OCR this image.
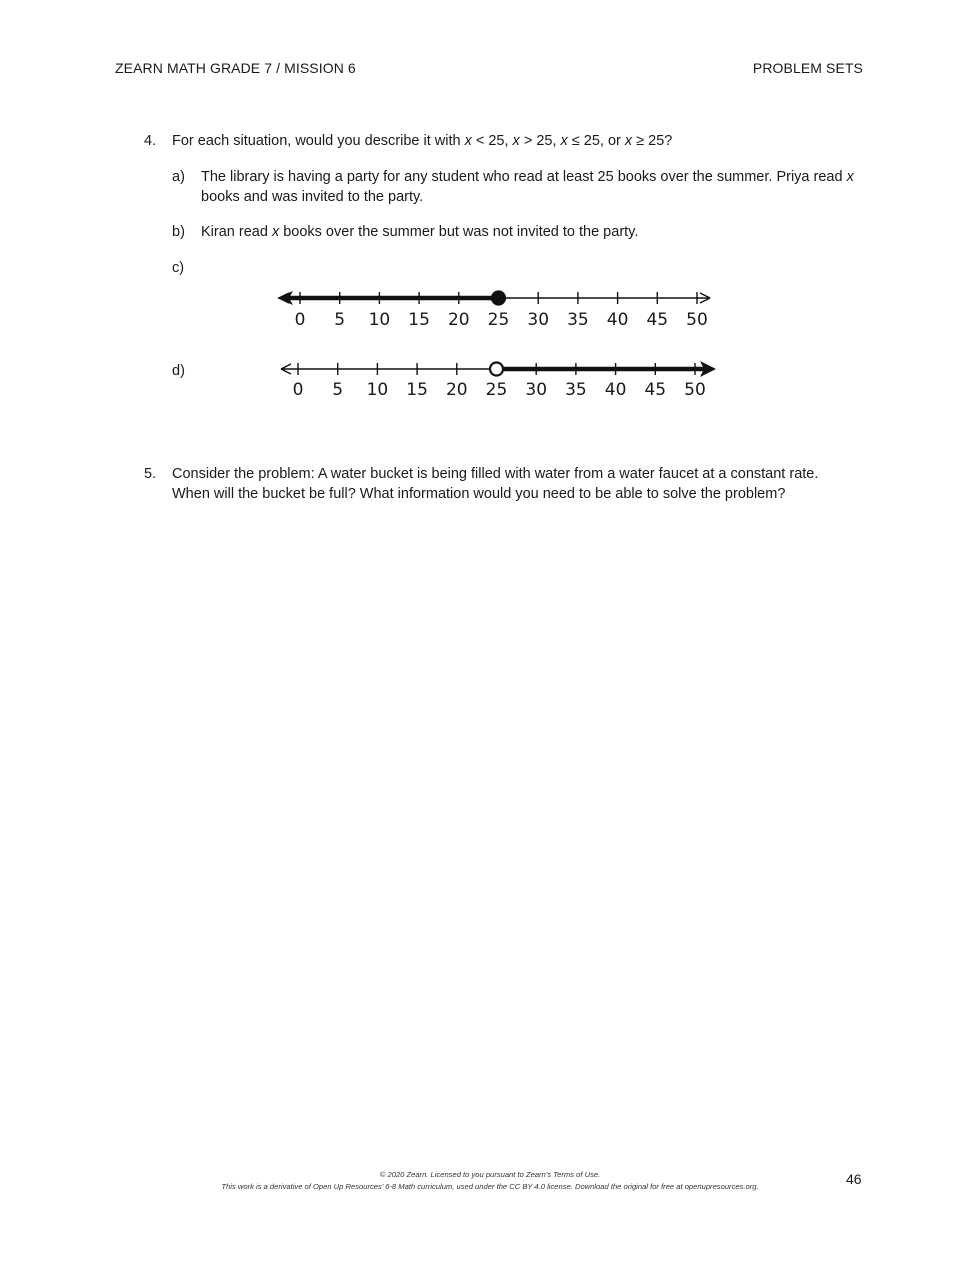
ZEARN MATH GRADE 7 / MISSION 6	PROBLEM SETS
4. For each situation, would you describe it with x < 25, x > 25, x ≤ 25, or x ≥ 25?
a) The library is having a party for any student who read at least 25 books over the summer. Priya read x books and was invited to the party.
b) Kiran read x books over the summer but was not invited to the party.
c)
0 5 10 15 20 25 30 35 40 45 50
d)
0 5 10 15 20 25 30 35 40 45 50
5. Consider the problem: A water bucket is being filled with water from a water faucet at a constant rate.
When will the bucket be full? What information would you need to be able to solve the problem?
© 2020 Zearn. Licensed to you pursuant to Zearn’s Terms of Use.
This work is a derivative of Open Up Resources’ 6-8 Math curriculum, used under the CC BY 4.0 license. Download the original for free at openupresources.org.	46
